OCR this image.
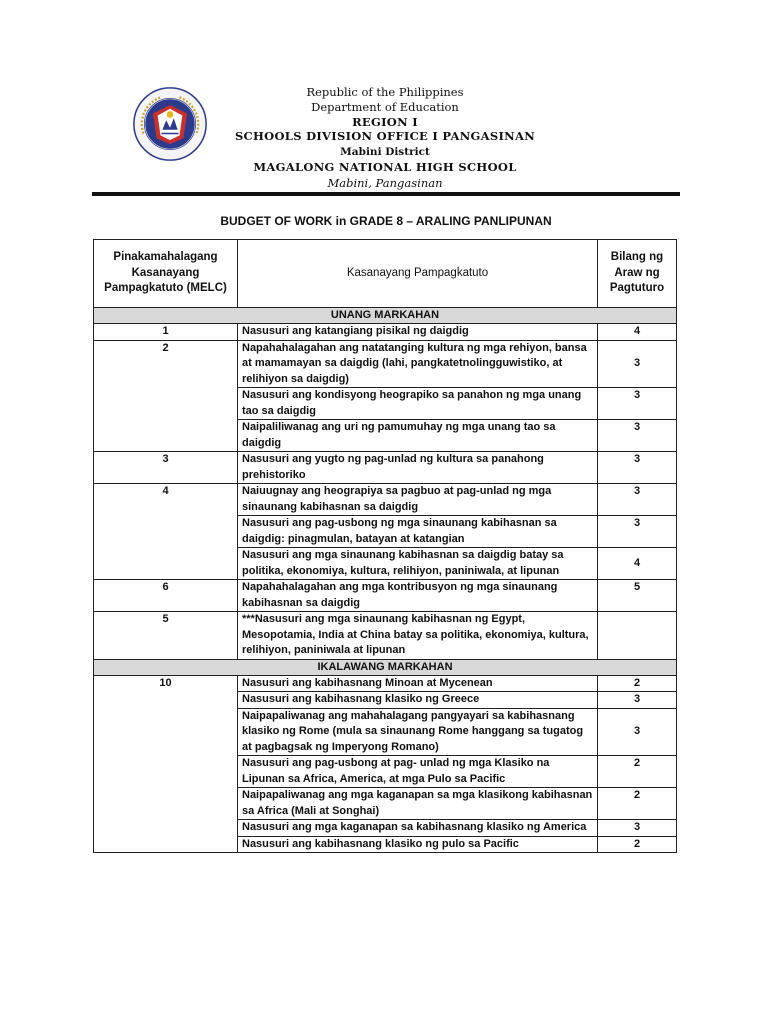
Republic of the Philippines
Department of Education
REGION I
SCHOOLS DIVISION OFFICE I PANGASINAN
Mabini District
MAGALONG NATIONAL HIGH SCHOOL
Mabini, Pangasinan
BUDGET OF WORK in GRADE 8 – ARALING PANLIPUNAN
Pinakamahalagang Kasanayang Pampagkatuto (MELC)	Kasanayang Pampagkatuto	Bilang ng Araw ng Pagtuturo
UNANG MARKAHAN		
1	Nasusuri ang katangiang pisikal ng daigdig	4
2	Napahahalagahan ang natatanging kultura ng mga rehiyon, bansa at mamamayan sa daigdig (lahi, pangkatetnolingguwistiko, at relihiyon sa daigdig)	3
	Nasusuri ang kondisyong heograpiko sa panahon ng mga unang tao sa daigdig	3
	Naipaliliwanag ang uri ng pamumuhay ng mga unang tao sa daigdig	3
3	Nasusuri ang yugto ng pag-unlad ng kultura sa panahong prehistoriko	3
4	Naiuugnay ang heograpiya sa pagbuo at pag-unlad ng mga sinaunang kabihasnan sa daigdig	3
	Nasusuri ang pag-usbong ng mga sinaunang kabihasnan sa daigdig: pinagmulan, batayan at katangian	3
	Nasusuri ang mga sinaunang kabihasnan sa daigdig batay sa politika, ekonomiya, kultura, relihiyon, paniniwala, at lipunan	4
6	Napahahalagahan ang mga kontribusyon ng mga sinaunang kabihasnan sa daigdig	5
5	***Nasusuri ang mga sinaunang kabihasnan ng Egypt, Mesopotamia, India at China batay sa politika, ekonomiya, kultura, relihiyon, paniniwala at lipunan	
IKALAWANG MARKAHAN		
10	Nasusuri ang kabihasnang Minoan at Mycenean	2
	Nasusuri ang kabihasnang klasiko ng Greece	3
	Naipapaliwanag ang mahahalagang pangyayari sa kabihasnang klasiko ng Rome (mula sa sinaunang Rome hanggang sa tugatog at pagbagsak ng Imperyong Romano)	3
	Nasusuri ang pag-usbong at pag- unlad ng mga Klasiko na Lipunan sa Africa, America, at mga Pulo sa Pacific	2
	Naipapaliwanag ang mga kaganapan sa mga klasikong kabihasnan sa Africa (Mali at Songhai)	2
	Nasusuri ang mga kaganapan sa kabihasnang klasiko ng America	3
	Nasusuri ang kabihasnang klasiko ng pulo sa Pacific	2
